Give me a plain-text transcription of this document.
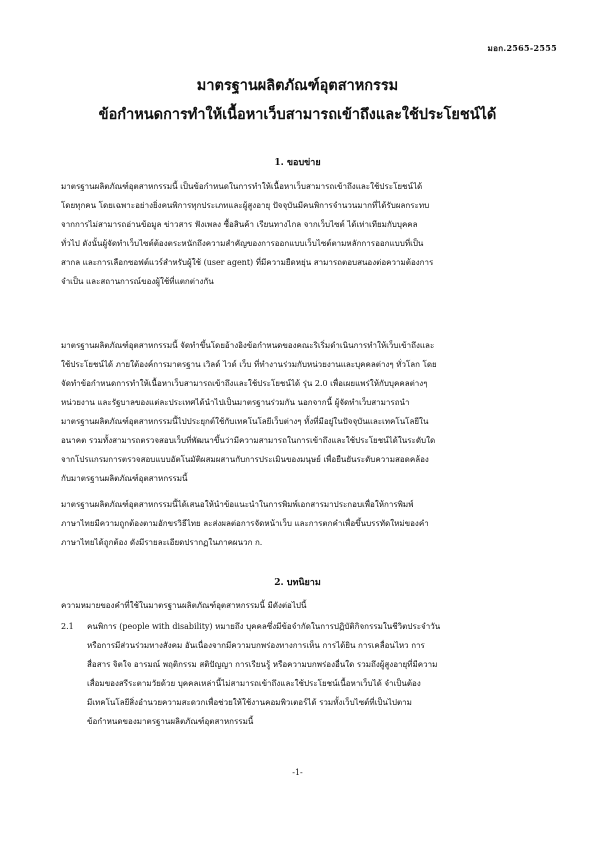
มอก.2565-2555
มาตรฐานผลิตภัณฑ์อุตสาหกรรม
ข้อกำหนดการทำให้เนื้อหาเว็บสามารถเข้าถึงและใช้ประโยชน์ได้
1. ขอบข่าย
มาตรฐานผลิตภัณฑ์อุตสาหกรรมนี้ เป็นข้อกำหนดในการทำให้เนื้อหาเว็บสามารถเข้าถึงและใช้ประโยชน์ได้
โดยทุกคน โดยเฉพาะอย่างยิ่งคนพิการทุกประเภทและผู้สูงอายุ ปัจจุบันมีคนพิการจำนวนมากที่ได้รับผลกระทบ
จากการไม่สามารถอ่านข้อมูล ข่าวสาร ฟังเพลง ซื้อสินค้า เรียนทางไกล จากเว็บไซต์ ได้เท่าเทียมกับบุคคล
ทั่วไป ดังนั้นผู้จัดทำเว็บไซต์ต้องตระหนักถึงความสำคัญของการออกแบบเว็บไซต์ตามหลักการออกแบบที่เป็น
สากล และการเลือกซอฟต์แวร์สำหรับผู้ใช้ (user agent) ที่มีความยืดหยุ่น สามารถตอบสนองต่อความต้องการ
จำเป็น และสถานการณ์ของผู้ใช้ที่แตกต่างกัน
มาตรฐานผลิตภัณฑ์อุตสาหกรรมนี้ จัดทำขึ้นโดยอ้างอิงข้อกำหนดของคณะริเริ่มดำเนินการทำให้เว็บเข้าถึงและ
ใช้ประโยชน์ได้ ภายใต้องค์การมาตรฐาน เวิลด์ ไวด์ เว็บ ที่ทำงานร่วมกับหน่วยงานและบุคคลต่างๆ ทั่วโลก โดย
จัดทำข้อกำหนดการทำให้เนื้อหาเว็บสามารถเข้าถึงและใช้ประโยชน์ได้ รุ่น 2.0 เพื่อเผยแพร่ให้กับบุคคลต่างๆ
หน่วยงาน และรัฐบาลของแต่ละประเทศได้นำไปเป็นมาตรฐานร่วมกัน นอกจากนี้ ผู้จัดทำเว็บสามารถนำ
มาตรฐานผลิตภัณฑ์อุตสาหกรรมนี้ไปประยุกต์ใช้กับเทคโนโลยีเว็บต่างๆ ทั้งที่มีอยู่ในปัจจุบันและเทคโนโลยีใน
อนาคต รวมทั้งสามารถตรวจสอบเว็บที่พัฒนาขึ้นว่ามีความสามารถในการเข้าถึงและใช้ประโยชน์ได้ในระดับใด
จากโปรแกรมการตรวจสอบแบบอัตโนมัติผสมผสานกับการประเมินของมนุษย์ เพื่อยืนยันระดับความสอดคล้อง
กับมาตรฐานผลิตภัณฑ์อุตสาหกรรมนี้
มาตรฐานผลิตภัณฑ์อุตสาหกรรมนี้ได้เสนอให้นำข้อแนะนำในการพิมพ์เอกสารมาประกอบเพื่อให้การพิมพ์
ภาษาไทยมีความถูกต้องตามอักขรวิธีไทย ละส่งผลต่อการจัดหน้าเว็บ และการตกคำเพื่อขึ้นบรรทัดใหม่ของคำ
ภาษาไทยได้ถูกต้อง ดังมีรายละเอียดปรากฏในภาคผนวก ก.
2. บทนิยาม
ความหมายของคำที่ใช้ในมาตรฐานผลิตภัณฑ์อุตสาหกรรมนี้ มีดังต่อไปนี้
2.1	คนพิการ (people with disability) หมายถึง บุคคลซึ่งมีข้อจำกัดในการปฏิบัติกิจกรรมในชีวิตประจำวัน
หรือการมีส่วนร่วมทางสังคม อันเนื่องจากมีความบกพร่องทางการเห็น การได้ยิน การเคลื่อนไหว การ
สื่อสาร จิตใจ อารมณ์ พฤติกรรม สติปัญญา การเรียนรู้ หรือความบกพร่องอื่นใด รวมถึงผู้สูงอายุที่มีความ
เสื่อมของสรีระตามวัยด้วย บุคคลเหล่านี้ไม่สามารถเข้าถึงและใช้ประโยชน์เนื้อหาเว็บได้ จำเป็นต้อง
มีเทคโนโลยีสิ่งอำนวยความสะดวกเพื่อช่วยให้ใช้งานคอมพิวเตอร์ได้ รวมทั้งเว็บไซต์ที่เป็นไปตาม
ข้อกำหนดของมาตรฐานผลิตภัณฑ์อุตสาหกรรมนี้
-1-
